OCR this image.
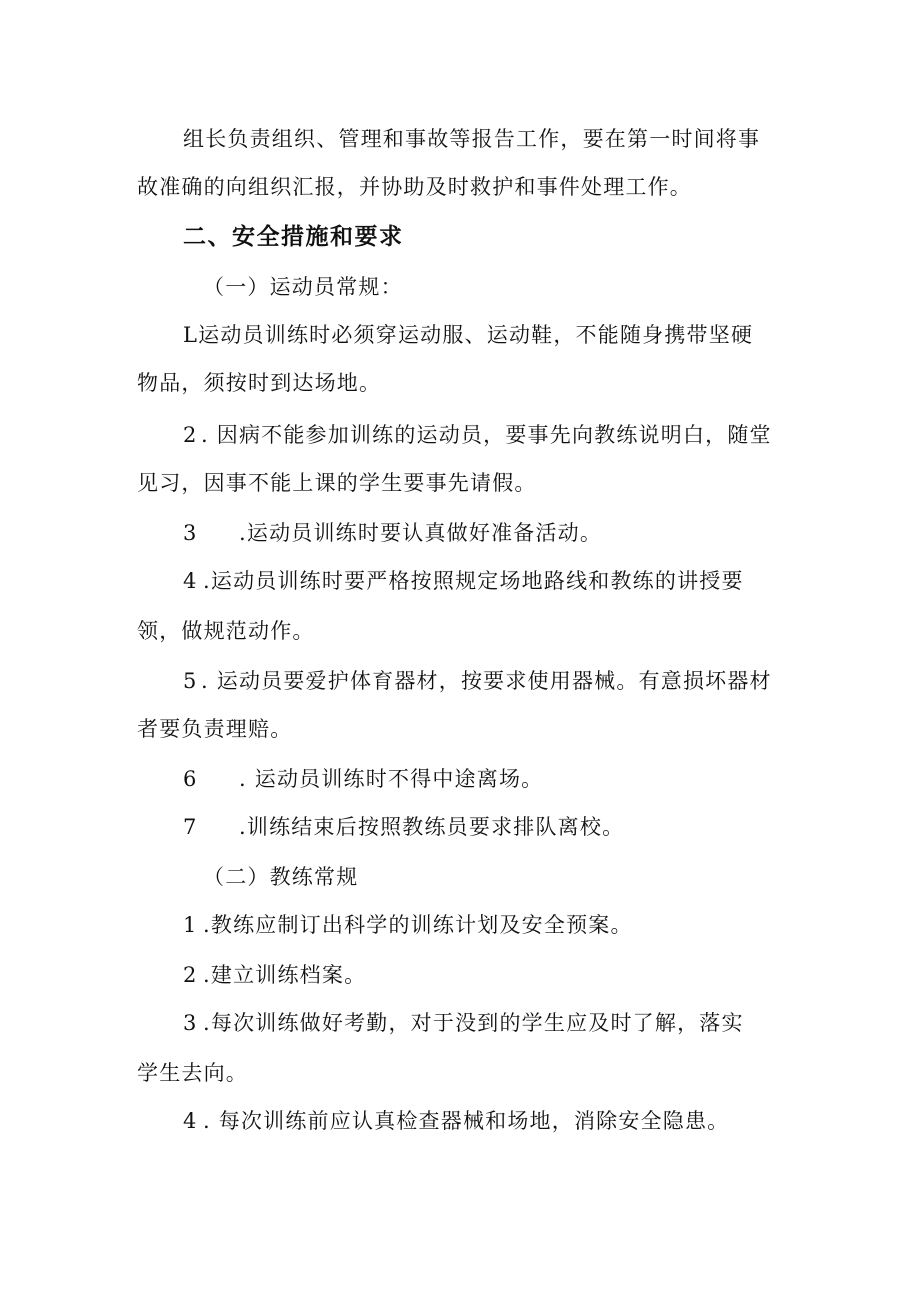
组长负责组织、管理和事故等报告工作，要在第一时间将事
故准确的向组织汇报，并协助及时救护和事件处理工作。
二、安全措施和要求
（一）运动员常规：
L运动员训练时必须穿运动服、运动鞋，不能随身携带坚硬
物品，须按时到达场地。
2 . 因病不能参加训练的运动员，要事先向教练说明白，随堂
见习，因事不能上课的学生要事先请假。
3 .运动员训练时要认真做好准备活动。
4 .运动员训练时要严格按照规定场地路线和教练的讲授要
领，做规范动作。
5 . 运动员要爱护体育器材，按要求使用器械。有意损坏器材
者要负责理赔。
6 . 运动员训练时不得中途离场。
7 .训练结束后按照教练员要求排队离校。
（二）教练常规
1 .教练应制订出科学的训练计划及安全预案。
2 .建立训练档案。
3 .每次训练做好考勤，对于没到的学生应及时了解，落实
学生去向。
4 . 每次训练前应认真检查器械和场地，消除安全隐患。
